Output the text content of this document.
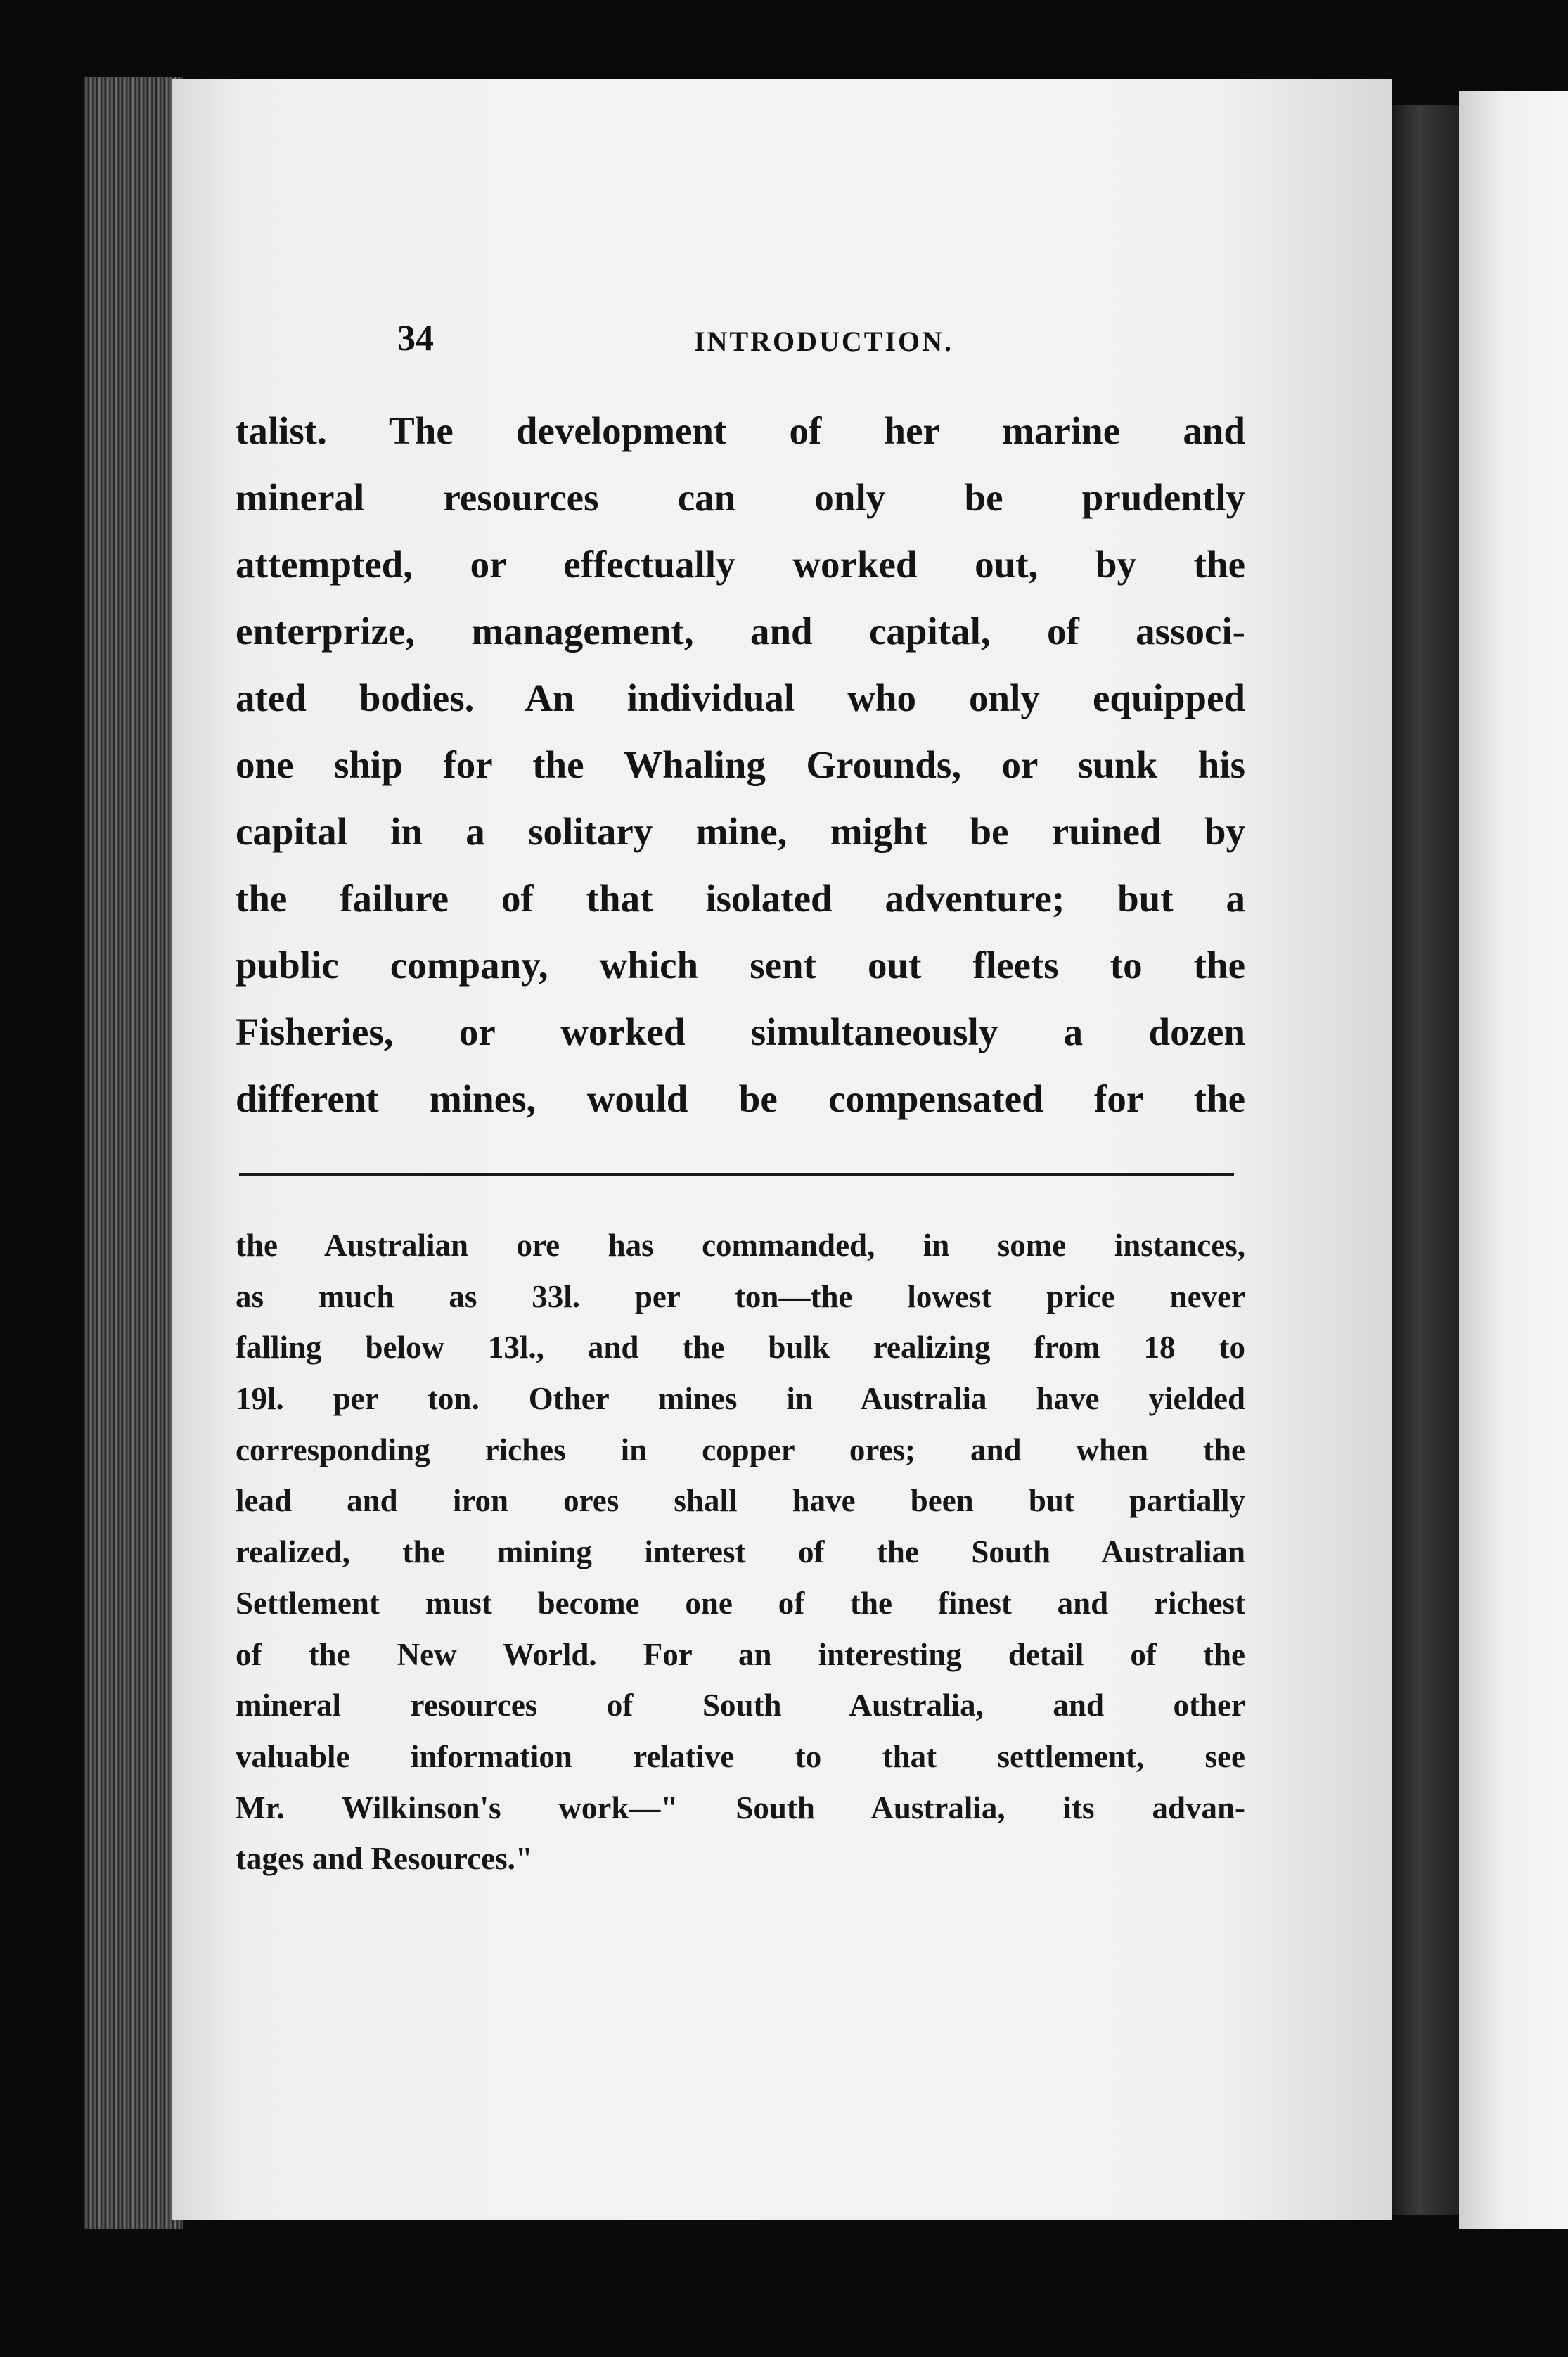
34	INTRODUCTION.
talist. The development of her marine and
mineral resources can only be prudently
attempted, or effectually worked out, by the
enterprize, management, and capital, of associ-
ated bodies. An individual who only equipped
one ship for the Whaling Grounds, or sunk his
capital in a solitary mine, might be ruined by
the failure of that isolated adventure; but a
public company, which sent out fleets to the
Fisheries, or worked simultaneously a dozen
different mines, would be compensated for the
the Australian ore has commanded, in some instances,
as much as 33l. per ton—the lowest price never
falling below 13l., and the bulk realizing from 18 to
19l. per ton. Other mines in Australia have yielded
corresponding riches in copper ores; and when the
lead and iron ores shall have been but partially
realized, the mining interest of the South Australian
Settlement must become one of the finest and richest
of the New World. For an interesting detail of the
mineral resources of South Australia, and other
valuable information relative to that settlement, see
Mr. Wilkinson's work—" South Australia, its advan-
tages and Resources."
